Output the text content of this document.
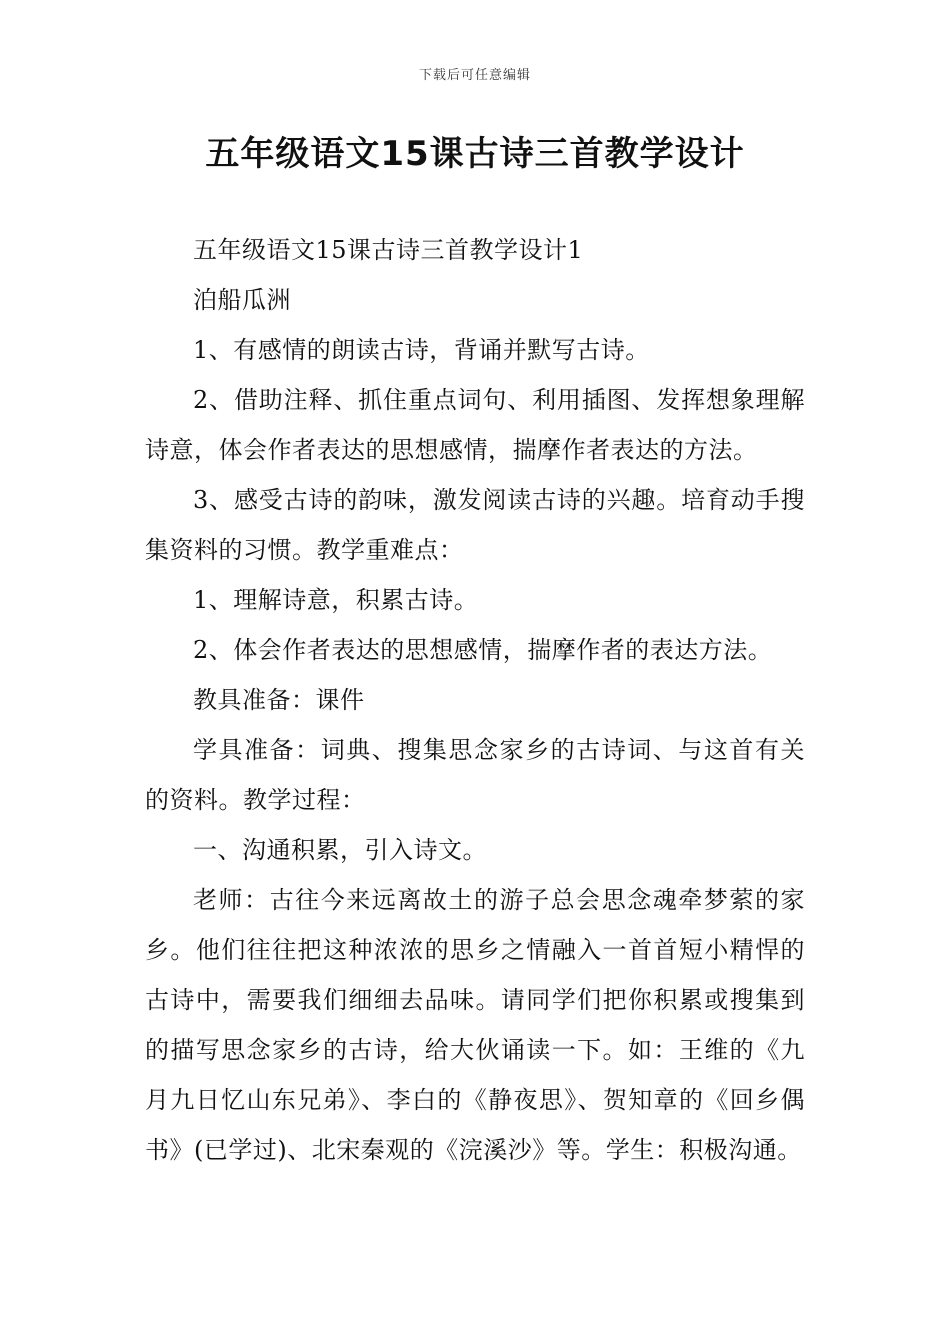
下载后可任意编辑
五年级语文15课古诗三首教学设计

五年级语文15课古诗三首教学设计1

泊船瓜洲

1、有感情的朗读古诗，背诵并默写古诗。

2、借助注释、抓住重点词句、利用插图、发挥想象理解诗意，体会作者表达的思想感情，揣摩作者表达的方法。

3、感受古诗的韵味，激发阅读古诗的兴趣。培育动手搜集资料的习惯。教学重难点：

1、理解诗意，积累古诗。

2、体会作者表达的思想感情，揣摩作者的表达方法。

教具准备：课件

学具准备：词典、搜集思念家乡的古诗词、与这首有关的资料。教学过程：

一、沟通积累，引入诗文。

老师：古往今来远离故土的游子总会思念魂牵梦萦的家乡。他们往往把这种浓浓的思乡之情融入一首首短小精悍的古诗中，需要我们细细去品味。请同学们把你积累或搜集到的描写思念家乡的古诗，给大伙诵读一下。如：王维的《九月九日忆山东兄弟》、李白的《静夜思》、贺知章的《回乡偶书》(已学过)、北宋秦观的《浣溪沙》等。学生：积极沟通。
